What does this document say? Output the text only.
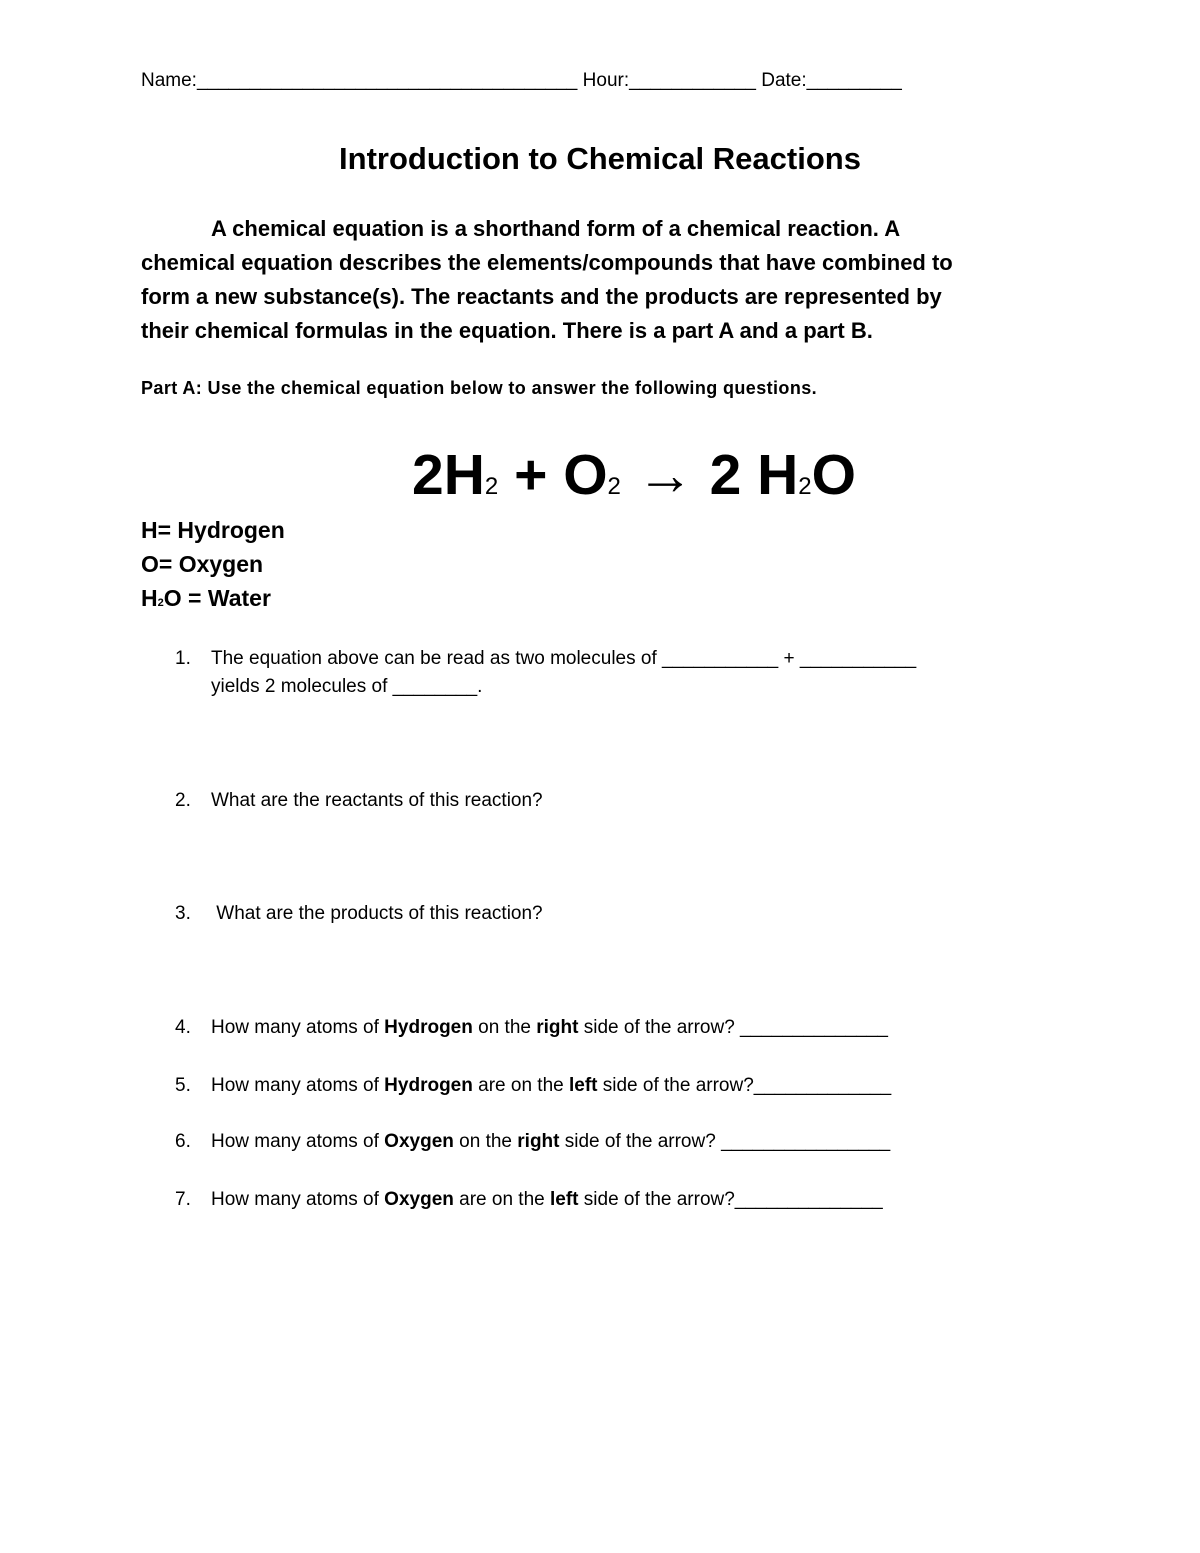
Name:____________________________________ Hour:____________ Date:_________
Introduction to Chemical Reactions

A chemical equation is a shorthand form of a chemical reaction. A

chemical equation describes the elements/compounds that have combined to

form a new substance(s). The reactants and the products are represented by

their chemical formulas in the equation. There is a part A and a part B.

Part A: Use the chemical equation below to answer the following questions.
2H2 + O2 → 2 H2O
H= Hydrogen
O= Oxygen
H2O = Water
1. The equation above can be read as two molecules of ___________ + ___________
yields 2 molecules of ________.
2. What are the reactants of this reaction?
3. What are the products of this reaction?
4. How many atoms of Hydrogen on the right side of the arrow? ______________
5. How many atoms of Hydrogen are on the left side of the arrow?_____________
6. How many atoms of Oxygen on the right side of the arrow? ________________
7. How many atoms of Oxygen are on the left side of the arrow?______________
